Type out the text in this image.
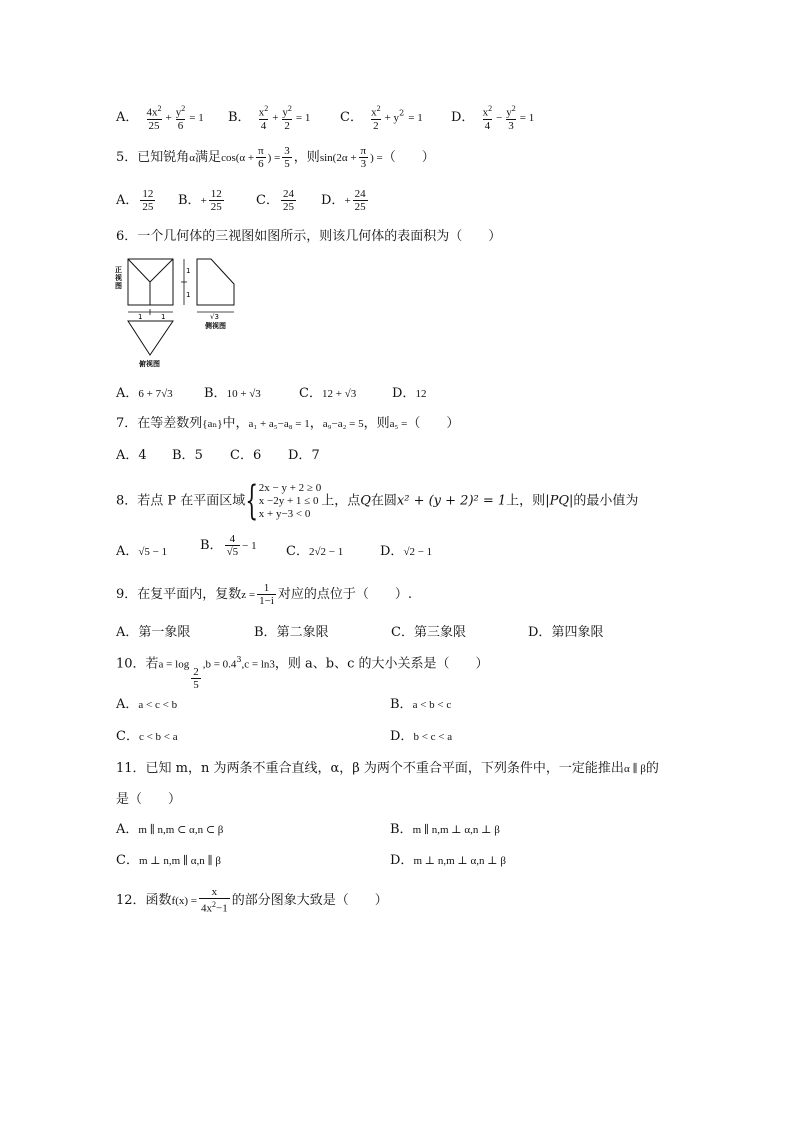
A． $\frac{4x^2}{25} + \frac{y^2}{6} = 1$ B． $\frac{x^2}{4} + \frac{y^2}{2} = 1$ C． $\frac{x^2}{2} + y^2 = 1$ D． $\frac{x^2}{4} - \frac{y^2}{3} = 1$
5．已知锐角α满足$\cos(\alpha + \frac{\pi}{6}$ ) = $\frac{3}{5}$ ，则$\sin(2\alpha + \frac{\pi}{3}$ ) =（　　）
A． $\frac{12}{25}$ B．+ $\frac{12}{25}$ C． $\frac{24}{25}$ D．+ $\frac{24}{25}$
6．一个几何体的三视图如图所示，则该几何体的表面积为（　　）
1
1
正视图
1	1
俯视图
√3
侧视图
A．6 + 7√3 B．10 + √3	C．12 + √3	D．12
7．在等差数列{aₙ}中，a₁ + a₅−a₈ = 1，a₉−a₂ = 5，则a₅ =（　　）
A．4 B．5 C．6 D．7
8．若点 P 在平面区域{ 2x − y + 2 ≥ 0
x −2y + 1 ≤ 0
x + y−3 < 0
上，点Q在圆x² + (y + 2)² = 1上，则|PQ|的最小值为
A．√5 − 1	B． $\frac{4}{√5} - 1$ C．2√2 − 1	D．√2 − 1
9．在复平面内，复数$z = \frac{1}{1-i}$ 对应的点位于（　　）.
A．第一象限	B．第二象限	C．第三象限	D．第四象限
10．若a = log
$\frac{2}{5}$
$,b = 0.4^3,c = \ln 3$，则 a、b、c 的大小关系是（　　）
A．a < c < b	B．a < b < c
C．c < b < a	D．b < c < a
11．已知 m，n 为两条不重合直线，α，β 为两个不重合平面，下列条件中，一定能推出α ∥ β的
是（　　）
A．m ∥ n,m ⊂ α,n ⊂ β	B．m ∥ n,m ⊥ α,n ⊥ β
C．m ⊥ n,m ∥ α,n ∥ β	D．m ⊥ n,m ⊥ α,n ⊥ β
12．函数$f(x) = \frac{x}{4x^2-1}$ 的部分图象大致是（　　）
